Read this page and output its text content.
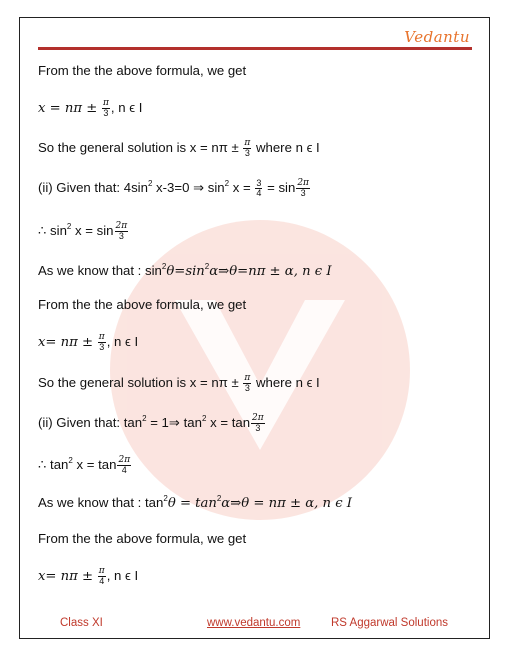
Vedantu
From the the above formula, we get
$x = n\pi \pm \frac{\pi}{3}$ , n ϵ I
So the general solution is $x = n\pi \pm \frac{\pi}{3}$ where n ϵ I
(ii) Given that: $4\sin^2$ x-3=0 ⇒ $\sin^2 x = \frac{3}{4} = \sin \frac{2\pi}{3}$
∴ $\sin^2 x = \sin \frac{2\pi}{3}$
As we know that : $\sin^2\theta=\sin^2\alpha\Rightarrow\theta=n\pi \pm \alpha$, n ϵ I
From the the above formula, we get
$x= n\pi \pm \frac{\pi}{3}$ , n ϵ I
So the general solution is $x = n\pi \pm \frac{\pi}{3}$ where n ϵ I
(ii) Given that: $\tan^2$ = 1⇒ $\tan^2 x = \tan \frac{2\pi}{3}$
∴ $\tan^2 x = \tan \frac{2\pi}{4}$
As we know that : $\tan^2\theta$ = $\tan^2\alpha\Rightarrow\theta = n\pi \pm \alpha$, n ϵ I
From the the above formula, we get
$x= n\pi \pm \frac{\pi}{4}$ , n ϵ I
Class XI	www.vedantu.com	RS Aggarwal Solutions
